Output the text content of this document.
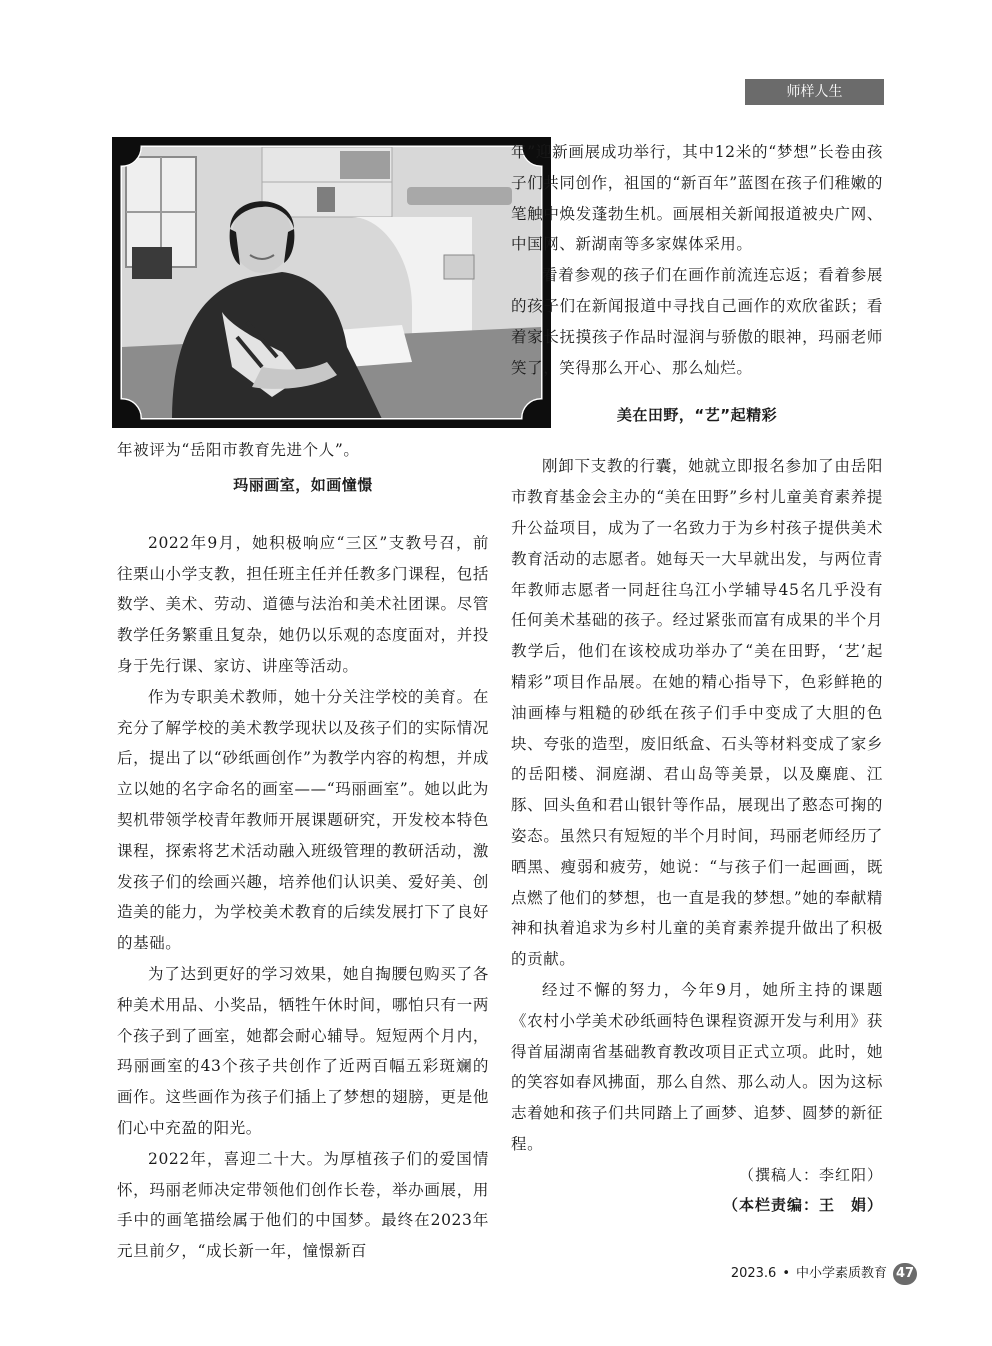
师样人生

年被评为“岳阳市教育先进个人”。

玛丽画室，如画憧憬

2022年9月，她积极响应“三区”支教号召，前往栗山小学支教，担任班主任并任教多门课程，包括数学、美术、劳动、道德与法治和美术社团课。尽管教学任务繁重且复杂，她仍以乐观的态度面对，并投身于先行课、家访、讲座等活动。

作为专职美术教师，她十分关注学校的美育。在充分了解学校的美术教学现状以及孩子们的实际情况后，提出了以“砂纸画创作”为教学内容的构想，并成立以她的名字命名的画室——“玛丽画室”。她以此为契机带领学校青年教师开展课题研究，开发校本特色课程，探索将艺术活动融入班级管理的教研活动，激发孩子们的绘画兴趣，培养他们认识美、爱好美、创造美的能力，为学校美术教育的后续发展打下了良好的基础。

为了达到更好的学习效果，她自掏腰包购买了各种美术用品、小奖品，牺牲午休时间，哪怕只有一两个孩子到了画室，她都会耐心辅导。短短两个月内，玛丽画室的43个孩子共创作了近两百幅五彩斑斓的画作。这些画作为孩子们插上了梦想的翅膀，更是他们心中充盈的阳光。

2022年，喜迎二十大。为厚植孩子们的爱国情怀，玛丽老师决定带领他们创作长卷，举办画展，用手中的画笔描绘属于他们的中国梦。最终在2023年元旦前夕，“成长新一年，憧憬新百

年”迎新画展成功举行，其中12米的“梦想”长卷由孩子们共同创作，祖国的“新百年”蓝图在孩子们稚嫩的笔触中焕发蓬勃生机。画展相关新闻报道被央广网、中国网、新湖南等多家媒体采用。

看着参观的孩子们在画作前流连忘返；看着参展的孩子们在新闻报道中寻找自己画作的欢欣雀跃；看着家长抚摸孩子作品时湿润与骄傲的眼神，玛丽老师笑了，笑得那么开心、那么灿烂。

美在田野，“艺”起精彩

刚卸下支教的行囊，她就立即报名参加了由岳阳市教育基金会主办的“美在田野”乡村儿童美育素养提升公益项目，成为了一名致力于为乡村孩子提供美术教育活动的志愿者。她每天一大早就出发，与两位青年教师志愿者一同赶往乌江小学辅导45名几乎没有任何美术基础的孩子。经过紧张而富有成果的半个月教学后，他们在该校成功举办了“美在田野，‘艺’起精彩”项目作品展。在她的精心指导下，色彩鲜艳的油画棒与粗糙的砂纸在孩子们手中变成了大胆的色块、夸张的造型，废旧纸盒、石头等材料变成了家乡的岳阳楼、洞庭湖、君山岛等美景，以及麋鹿、江豚、回头鱼和君山银针等作品，展现出了憨态可掬的姿态。虽然只有短短的半个月时间，玛丽老师经历了晒黑、瘦弱和疲劳，她说：“与孩子们一起画画，既点燃了他们的梦想，也一直是我的梦想。”她的奉献精神和执着追求为乡村儿童的美育素养提升做出了积极的贡献。

经过不懈的努力，今年9月，她所主持的课题《农村小学美术砂纸画特色课程资源开发与利用》获得首届湖南省基础教育教改项目正式立项。此时，她的笑容如春风拂面，那么自然、那么动人。因为这标志着她和孩子们共同踏上了画梦、追梦、圆梦的新征程。

（撰稿人：李红阳）
（本栏责编：王　娟）
2023.6 • 中小学素质教育 47
